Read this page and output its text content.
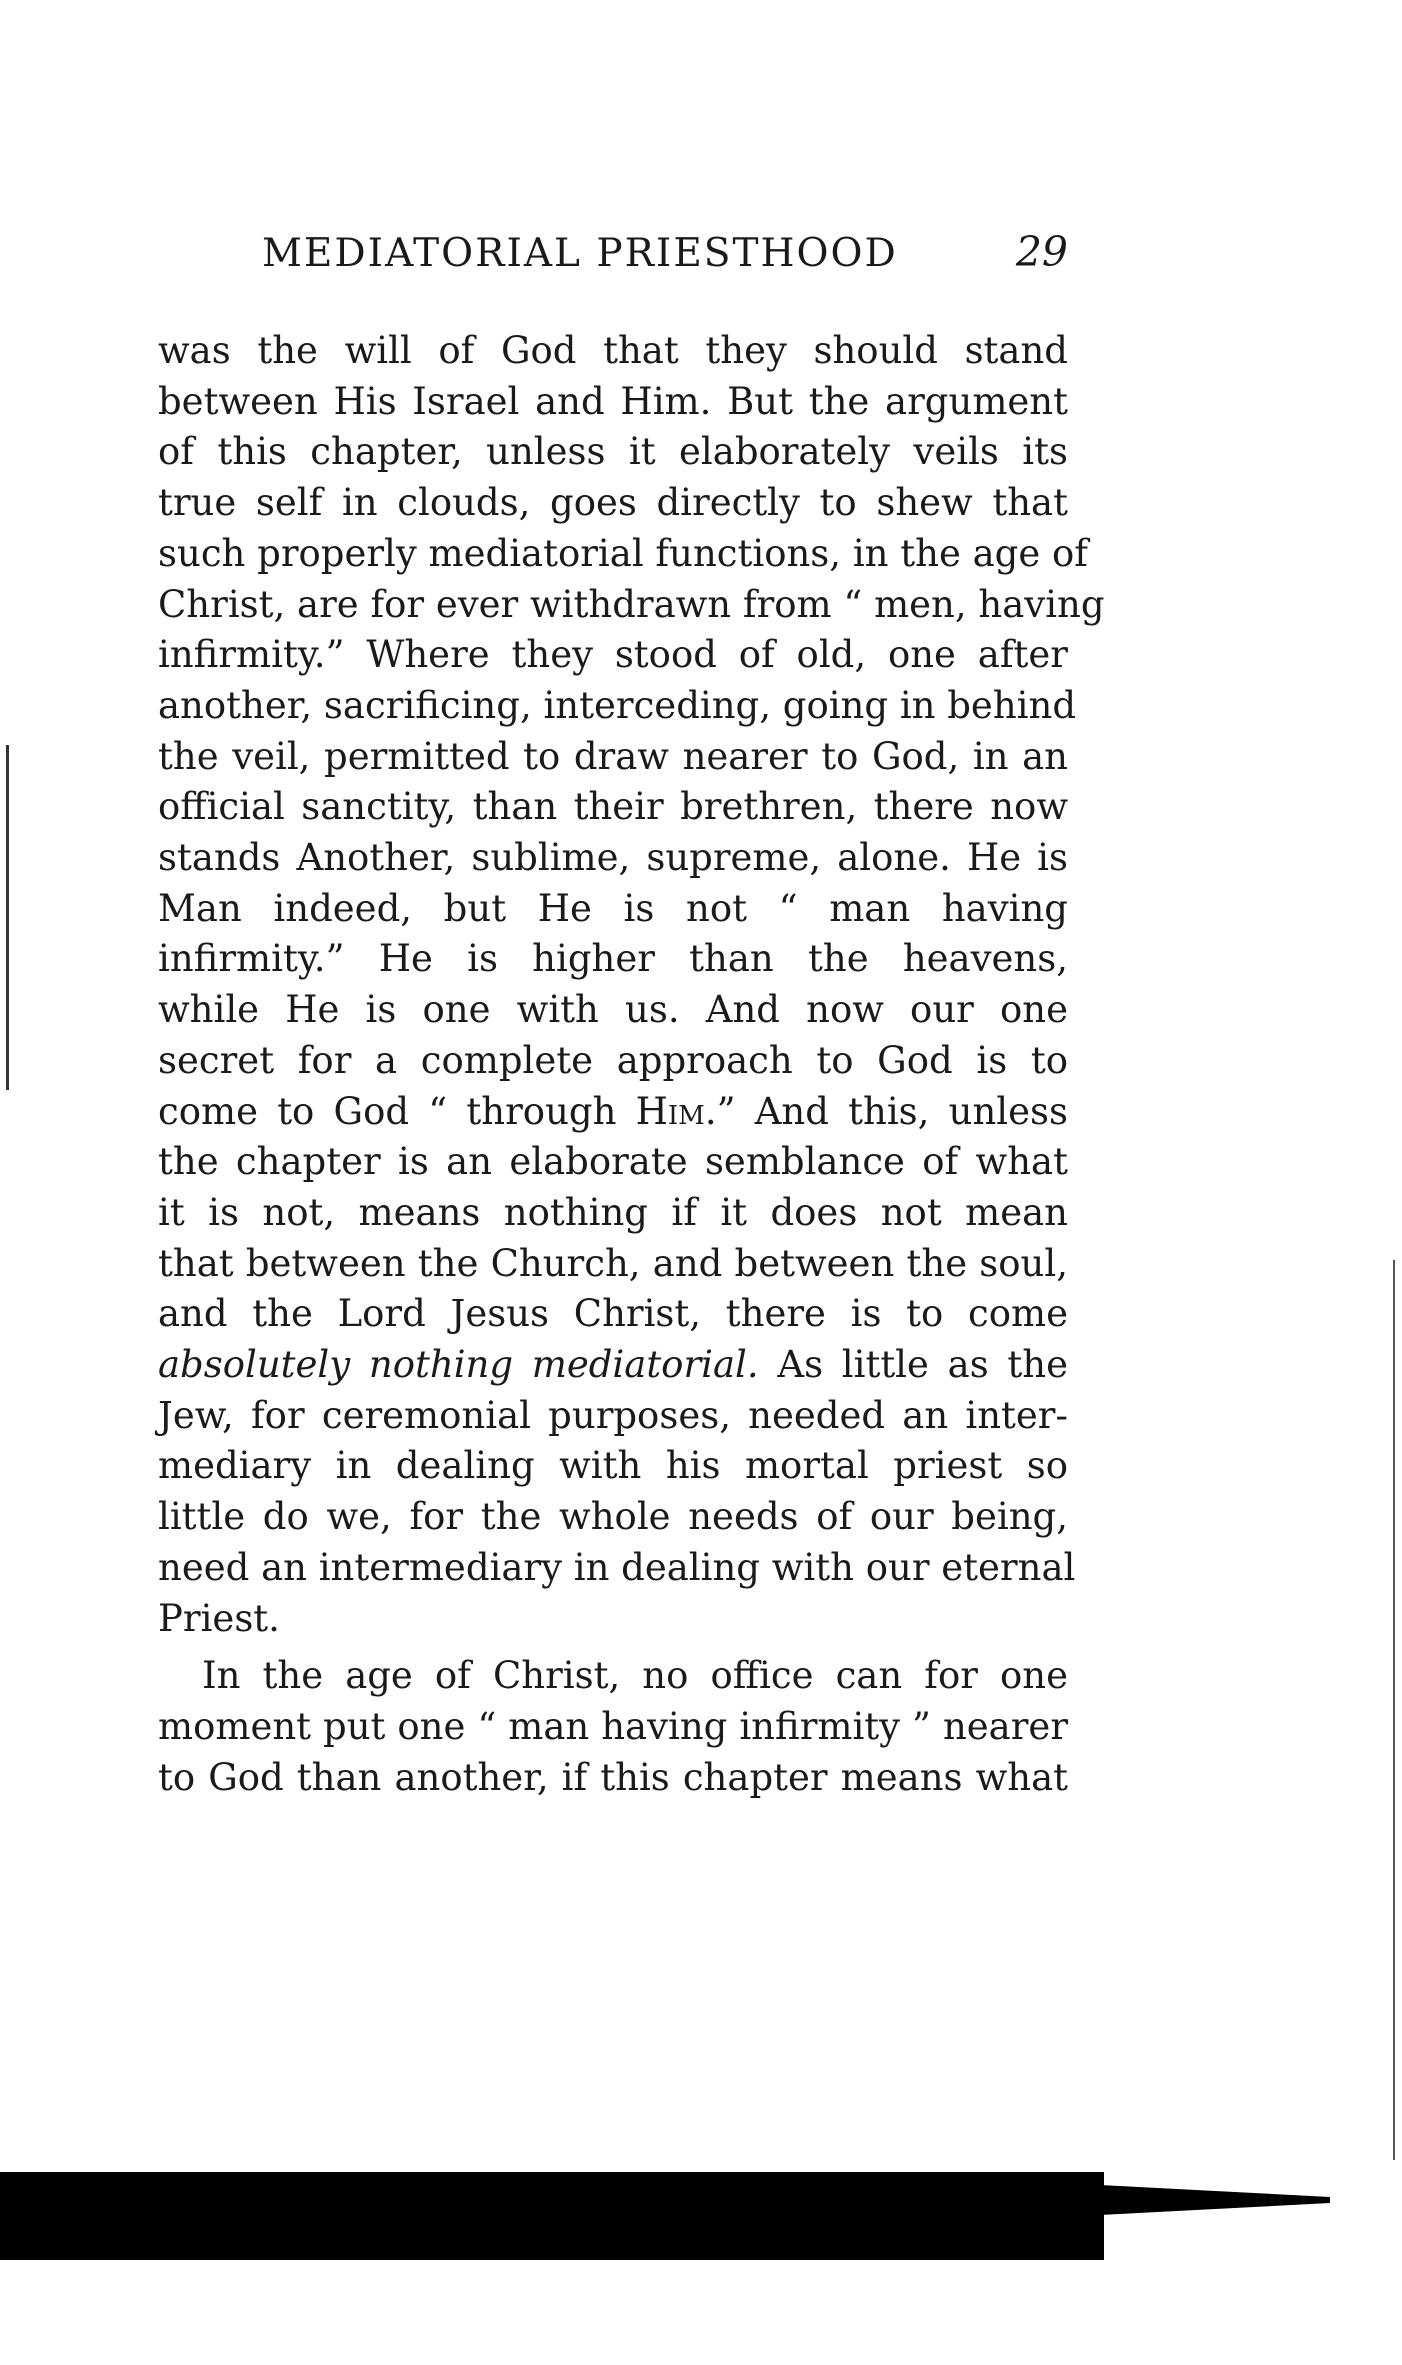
MEDIATORIAL PRIESTHOOD	29
was the will of God that they should stand
between His Israel and Him. But the argument
of this chapter, unless it elaborately veils its
true self in clouds, goes directly to shew that
such properly mediatorial functions, in the age of
Christ, are for ever withdrawn from “ men, having
infirmity.” Where they stood of old, one after
another, sacrificing, interceding, going in behind
the veil, permitted to draw nearer to God, in an
official sanctity, than their brethren, there now
stands Another, sublime, supreme, alone. He is
Man indeed, but He is not “ man having
infirmity.” He is higher than the heavens,
while He is one with us. And now our one
secret for a complete approach to God is to
come to God “ through Him.” And this, unless
the chapter is an elaborate semblance of what
it is not, means nothing if it does not mean
that between the Church, and between the soul,
and the Lord Jesus Christ, there is to come
absolutely nothing mediatorial. As little as the
Jew, for ceremonial purposes, needed an inter-
mediary in dealing with his mortal priest so
little do we, for the whole needs of our being,
need an intermediary in dealing with our eternal
Priest.
In the age of Christ, no office can for one
moment put one “ man having infirmity ” nearer
to God than another, if this chapter means what
